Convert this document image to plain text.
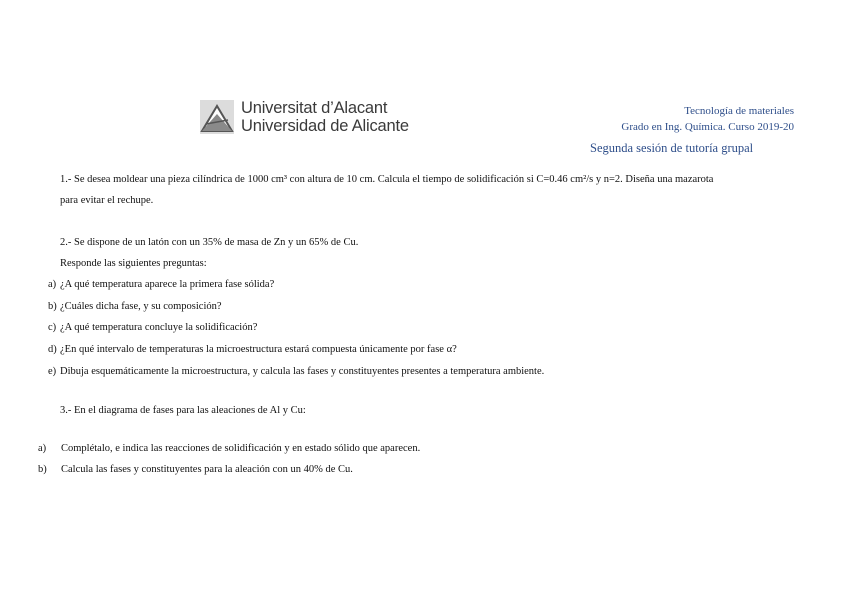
Universitat d’Alacant
Universidad de Alicante
Tecnología de materiales
Grado en Ing. Química. Curso 2019-20
Segunda sesión de tutoría grupal
1.- Se desea moldear una pieza cilíndrica de 1000 cm³ con altura de 10 cm. Calcula el tiempo de solidificación si C=0.46 cm²/s y n=2. Diseña una mazarota
para evitar el rechupe.
2.- Se dispone de un latón con un 35% de masa de Zn y un 65% de Cu.
Responde las siguientes preguntas:
a) ¿A qué temperatura aparece la primera fase sólida?
b) ¿Cuáles dicha fase, y su composición?
c) ¿A qué temperatura concluye la solidificación?
d) ¿En qué intervalo de temperaturas la microestructura estará compuesta únicamente por fase α?
e) Dibuja esquemáticamente la microestructura, y calcula las fases y constituyentes presentes a temperatura ambiente.
3.- En el diagrama de fases para las aleaciones de Al y Cu:
a) Complétalo, e indica las reacciones de solidificación y en estado sólido que aparecen.
b) Calcula las fases y constituyentes para la aleación con un 40% de Cu.
